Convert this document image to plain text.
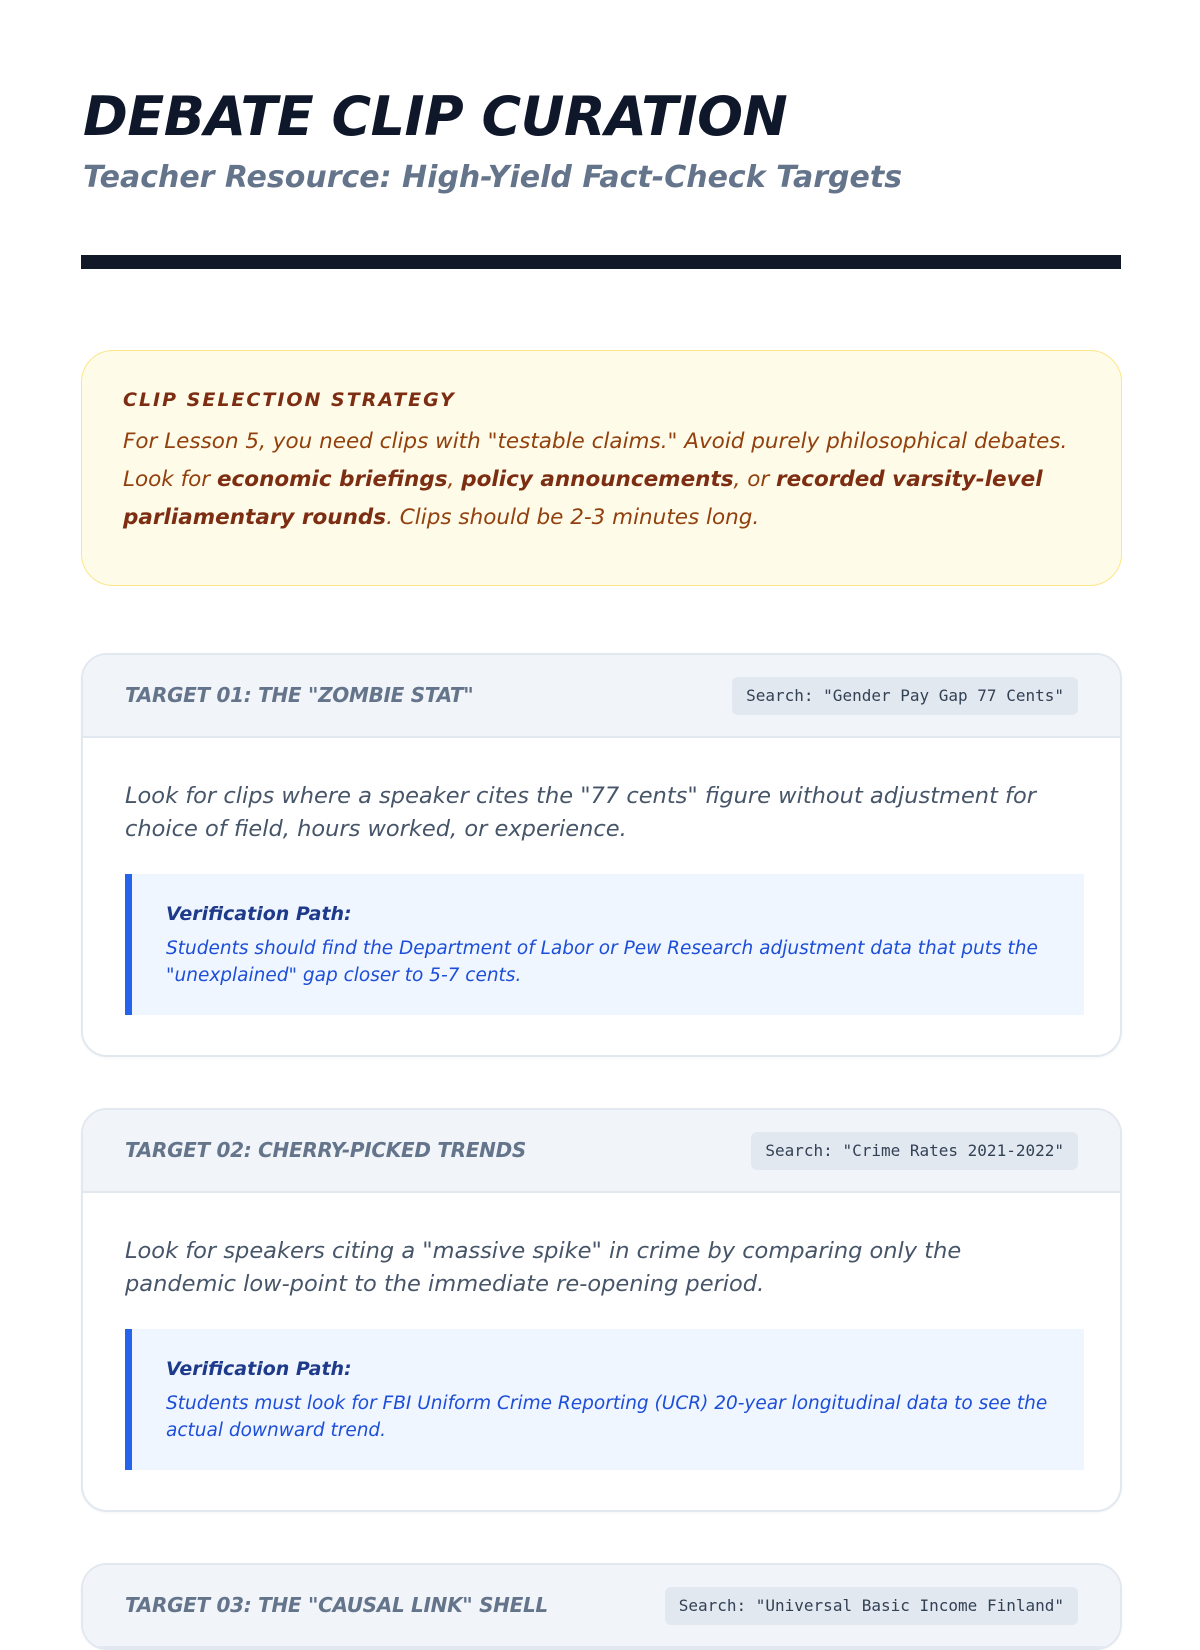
DEBATE CLIP CURATION
Teacher Resource: High-Yield Fact-Check Targets
CLIP SELECTION STRATEGY

For Lesson 5, you need clips with "testable claims." Avoid purely philosophical debates. Look for economic briefings, policy announcements, or recorded varsity-level parliamentary rounds. Clips should be 2-3 minutes long.

TARGET 01: THE "ZOMBIE STAT"	Search: "Gender Pay Gap 77 Cents"

Look for clips where a speaker cites the "77 cents" figure without adjustment for choice of field, hours worked, or experience.

Verification Path:

Students should find the Department of Labor or Pew Research adjustment data that puts the "unexplained" gap closer to 5-7 cents.

TARGET 02: CHERRY-PICKED TRENDS	Search: "Crime Rates 2021-2022"

Look for speakers citing a "massive spike" in crime by comparing only the pandemic low-point to the immediate re-opening period.

Verification Path:

Students must look for FBI Uniform Crime Reporting (UCR) 20-year longitudinal data to see the actual downward trend.

TARGET 03: THE "CAUSAL LINK" SHELL	Search: "Universal Basic Income Finland"
